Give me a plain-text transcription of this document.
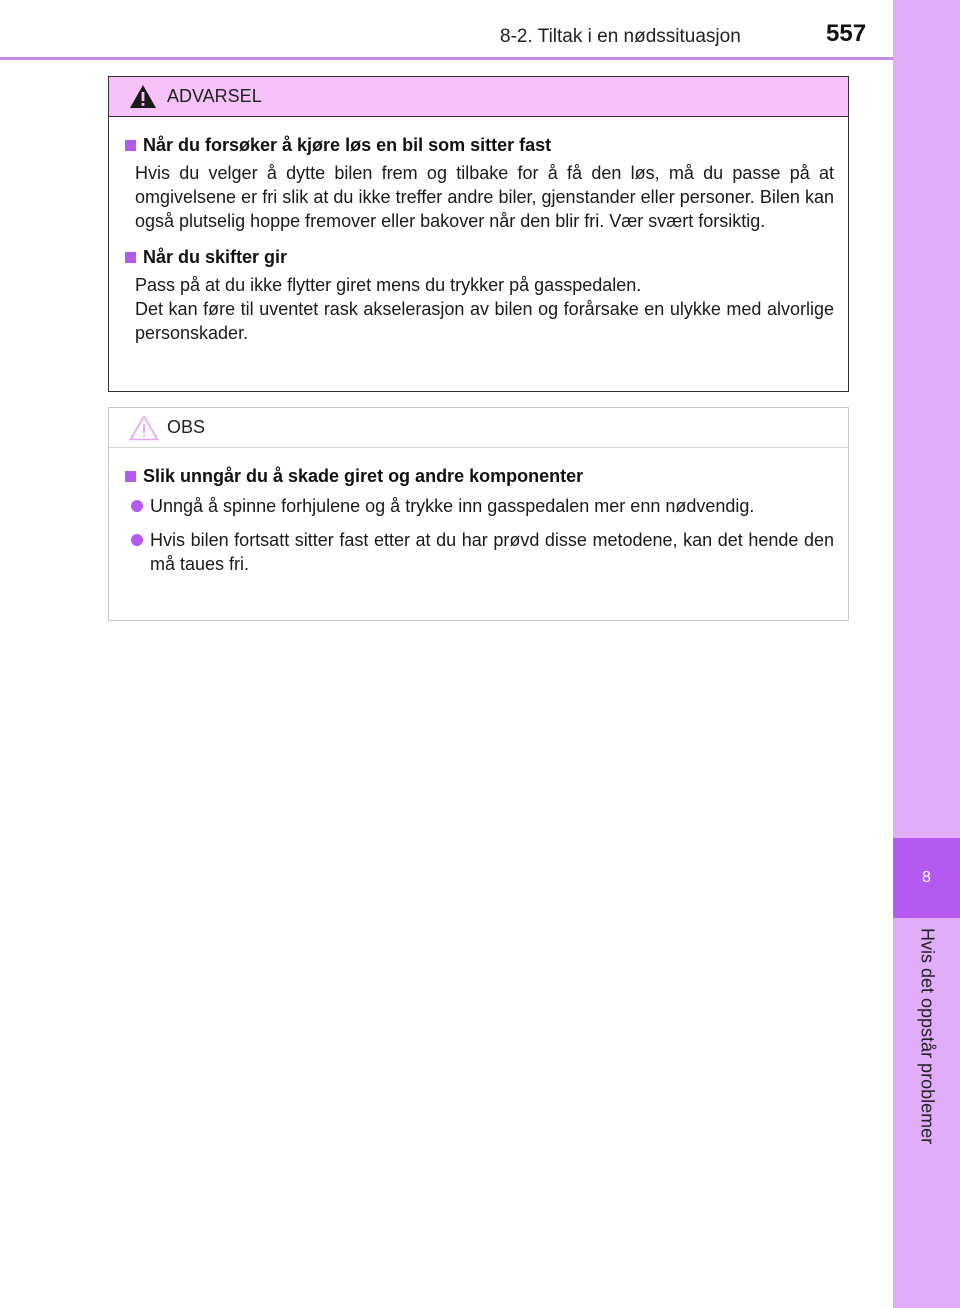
8-2. Tiltak i en nødssituasjon	557
8
Hvis det oppstår problemer
ADVARSEL
Når du forsøker å kjøre løs en bil som sitter fast
Hvis du velger å dytte bilen frem og tilbake for å få den løs, må du passe på at omgivelsene er fri slik at du ikke treffer andre biler, gjenstander eller personer. Bilen kan også plutselig hoppe fremover eller bakover når den blir fri. Vær svært forsiktig.
Når du skifter gir
Pass på at du ikke flytter giret mens du trykker på gasspedalen.
Det kan føre til uventet rask akselerasjon av bilen og forårsake en ulykke med alvorlige personskader.
OBS
Slik unngår du å skade giret og andre komponenter
Unngå å spinne forhjulene og å trykke inn gasspedalen mer enn nødvendig.
Hvis bilen fortsatt sitter fast etter at du har prøvd disse metodene, kan det hende den må taues fri.
